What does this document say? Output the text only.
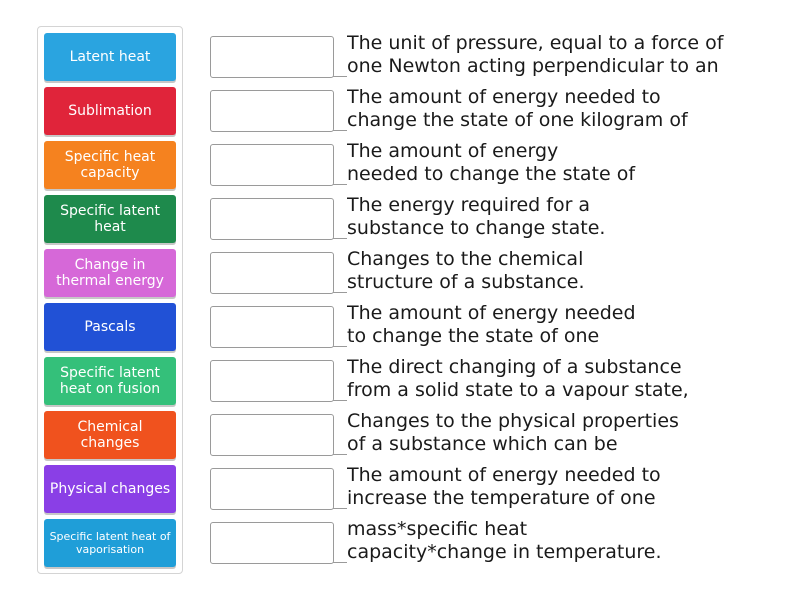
Latent heat
Sublimation
Specific heat capacity
Specific latent heat
Change in thermal energy
Pascals
Specific latent heat on fusion
Chemical changes
Physical changes
Specific latent heat of vaporisation
The unit of pressure, equal to a force of
one Newton acting perpendicular to an
The amount of energy needed to
change the state of one kilogram of
The amount of energy
needed to change the state of
The energy required for a
substance to change state.
Changes to the chemical
structure of a substance.
The amount of energy needed
to change the state of one
The direct changing of a substance
from a solid state to a vapour state,
Changes to the physical properties
of a substance which can be
The amount of energy needed to
increase the temperature of one
mass*specific heat
capacity*change in temperature.
